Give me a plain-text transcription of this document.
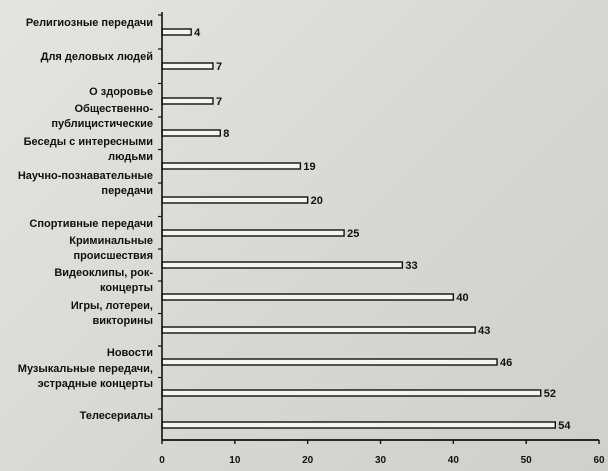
4
Религиозные передачи
7
Для деловых людей
7
О здоровье
8
Общественно-публицистические
19
Беседы с интересными людьми
20
Научно-познавательные передачи
25
Спортивные передачи
33
Криминальные происшествия
40
Видеоклипы, рок-концерты
43
Игры, лотереи, викторины
46
Новости
52
Музыкальные передачи, эстрадные концерты
54
Телесериалы
0	10	20	30	40	50	60
